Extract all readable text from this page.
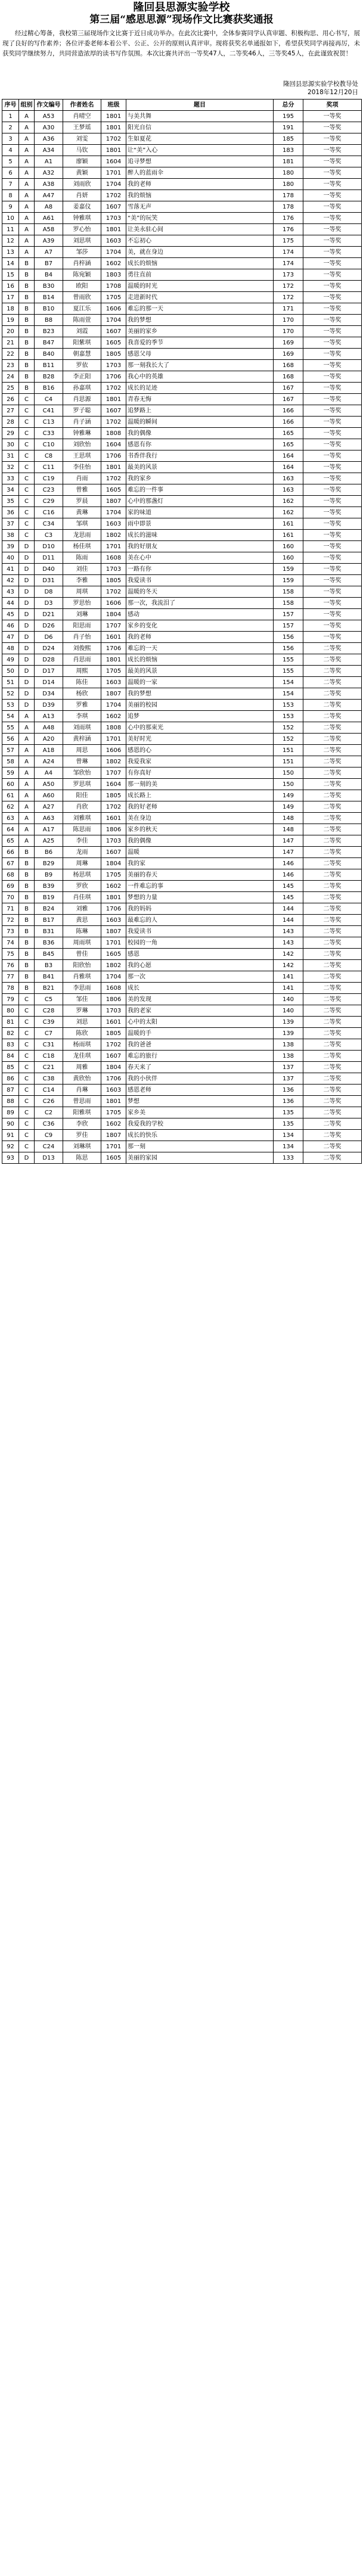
隆回县思源实验学校
第三届“感思思源”现场作文比赛获奖通报
经过精心筹备，我校第三届现场作文比赛于近日成功举办。在此次比赛中，全体参赛同学认真审题、积极构思、用心书写，展现了良好的写作素养；各位评委老师本着公平、公正、公开的原则认真评审。现将获奖名单通报如下，希望获奖同学再接再厉，未获奖同学继续努力，共同营造浓厚的读书写作氛围。本次比赛共评出一等奖47人，二等奖46人，三等奖45人，在此谨致祝贺！
隆回县思源实验学校教导处
2018年12月20日
序号	组别	作文编号	作者姓名	班级	题目	总分	奖项
1	A	A53	肖晴空	1801	与美共舞	195	一等奖
2	A	A30	王梦瑶	1801	阳光自信	191	一等奖
3	A	A36	刘雯	1702	生如夏花	185	一等奖
4	A	A34	马钦	1801	让“美”入心	183	一等奖
5	A	A1	廖颖	1604	追寻梦想	181	一等奖
6	A	A32	黄颖	1701	醉人的蓝雨伞	180	一等奖
7	A	A38	刘雨欣	1704	我的老师	180	一等奖
8	A	A47	肖妍	1702	我的烦恼	178	一等奖
9	A	A8	姜嘉仪	1607	雪落无声	178	一等奖
10	A	A61	钟雅琪	1703	“美”的玩笑	176	一等奖
11	A	A58	罗心怡	1801	让美永驻心间	176	一等奖
12	A	A39	刘思琪	1603	不忘初心	175	一等奖
13	A	A7	邹莎	1704	美，就在身边	174	一等奖
14	B	B7	肖梓涵	1602	成长的烦恼	174	一等奖
15	B	B4	陈宛颖	1803	勇往直前	173	一等奖
16	B	B30	欧阳	1708	温暖的时光	172	一等奖
17	B	B14	曾雨欣	1705	走进新时代	172	一等奖
18	B	B10	夏江乐	1606	难忘的那一天	171	一等奖
19	B	B8	陈雨萱	1704	我的梦想	170	一等奖
20	B	B23	刘霞	1607	美丽的家乡	170	一等奖
21	B	B47	阳紫琪	1605	我喜爱的季节	169	一等奖
22	B	B40	朝嘉慧	1805	感恩父母	169	一等奖
23	B	B11	罗依	1703	那一刻我长大了	168	一等奖
24	B	B28	李正阳	1706	我心中的英雄	168	一等奖
25	B	B16	孙嘉琪	1702	成长的足迹	167	一等奖
26	C	C4	肖思源	1801	青春无悔	167	一等奖
27	C	C41	罗子聪	1607	追梦路上	166	一等奖
28	C	C13	肖子涵	1702	温暖的瞬间	166	一等奖
29	C	C33	钟雅琳	1808	我的偶像	165	一等奖
30	C	C10	刘欣怡	1604	感恩有你	165	一等奖
31	C	C8	王思琪	1706	书香伴我行	164	一等奖
32	C	C11	李佳怡	1801	最美的风景	164	一等奖
33	C	C19	肖雨	1702	我的家乡	163	一等奖
34	C	C23	曾雅	1605	难忘的一件事	163	一等奖
35	C	C29	罗晨	1807	心中的那盏灯	162	一等奖
36	C	C16	黄琳	1704	家的味道	162	一等奖
37	C	C34	邹琪	1603	雨中即景	161	一等奖
38	C	C3	龙思雨	1802	成长的滋味	161	一等奖
39	D	D10	杨佳琪	1701	我的好朋友	160	一等奖
40	D	D11	陈雨	1608	美在心中	160	一等奖
41	D	D40	刘佳	1703	一路有你	159	一等奖
42	D	D31	李雅	1805	我爱读书	159	一等奖
43	D	D8	周琪	1702	温暖的冬天	158	一等奖
44	D	D3	罗思怡	1606	那一次，我流泪了	158	一等奖
45	D	D21	刘琳	1804	感动	157	一等奖
46	D	D26	阳思雨	1707	家乡的变化	157	一等奖
47	D	D6	肖子怡	1601	我的老师	156	一等奖
48	D	D24	刘俊熙	1706	难忘的一天	156	二等奖
49	D	D28	肖思雨	1801	成长的烦恼	155	二等奖
50	D	D17	周熙	1705	最美的风景	155	二等奖
51	D	D14	陈佳	1603	温暖的一家	154	二等奖
52	D	D34	杨欣	1807	我的梦想	154	二等奖
53	D	D39	罗雅	1704	美丽的校园	153	二等奖
54	A	A13	李琪	1602	追梦	153	二等奖
55	A	A48	刘雨琪	1808	心中的那束光	152	二等奖
56	A	A20	黄梓涵	1701	美好时光	152	二等奖
57	A	A18	周思	1606	感恩的心	151	二等奖
58	A	A24	曾琳	1802	我爱我家	151	二等奖
59	A	A4	邹欣怡	1707	有你真好	150	二等奖
60	A	A50	罗思琪	1604	那一刻的美	150	二等奖
61	A	A60	阳佳	1805	成长路上	149	二等奖
62	A	A27	肖欣	1702	我的好老师	149	二等奖
63	A	A63	刘雅琪	1601	美在身边	148	二等奖
64	A	A17	陈思雨	1806	家乡的秋天	148	二等奖
65	A	A25	李佳	1703	我的偶像	147	二等奖
66	B	B6	龙雨	1607	温暖	147	二等奖
67	B	B29	周琳	1804	我的家	146	二等奖
68	B	B9	杨思琪	1705	美丽的春天	146	二等奖
69	B	B39	罗欣	1602	一件难忘的事	145	二等奖
70	B	B19	肖佳琪	1801	梦想的力量	145	二等奖
71	B	B24	刘雅	1706	我的妈妈	144	二等奖
72	B	B17	黄思	1603	最难忘的人	144	二等奖
73	B	B31	陈琳	1807	我爱读书	143	二等奖
74	B	B36	周雨琪	1701	校园的一角	143	二等奖
75	B	B45	曾佳	1605	感恩	142	二等奖
76	B	B3	阳欣怡	1802	我的心愿	142	二等奖
77	B	B41	肖雅琪	1704	那一次	141	二等奖
78	B	B21	李思雨	1608	成长	141	二等奖
79	C	C5	邹佳	1806	美的发现	140	二等奖
80	C	C28	罗琳	1703	我的老家	140	二等奖
81	C	C39	刘思	1601	心中的太阳	139	二等奖
82	C	C7	陈欣	1805	温暖的手	139	二等奖
83	C	C31	杨雨琪	1702	我的爸爸	138	二等奖
84	C	C18	龙佳琪	1607	难忘的旅行	138	二等奖
85	C	C21	周雅	1804	春天来了	137	二等奖
86	C	C38	黄欣怡	1706	我的小伙伴	137	二等奖
87	C	C14	肖琳	1603	感恩老师	136	二等奖
88	C	C26	曾思雨	1801	梦想	136	二等奖
89	C	C2	阳雅琪	1705	家乡美	135	二等奖
90	C	C36	李欣	1602	我爱我的学校	135	二等奖
91	C	C9	罗佳	1807	成长的快乐	134	二等奖
92	C	C24	刘琳琪	1701	那一刻	134	二等奖
93	D	D13	陈思	1605	美丽的家园	133	二等奖
